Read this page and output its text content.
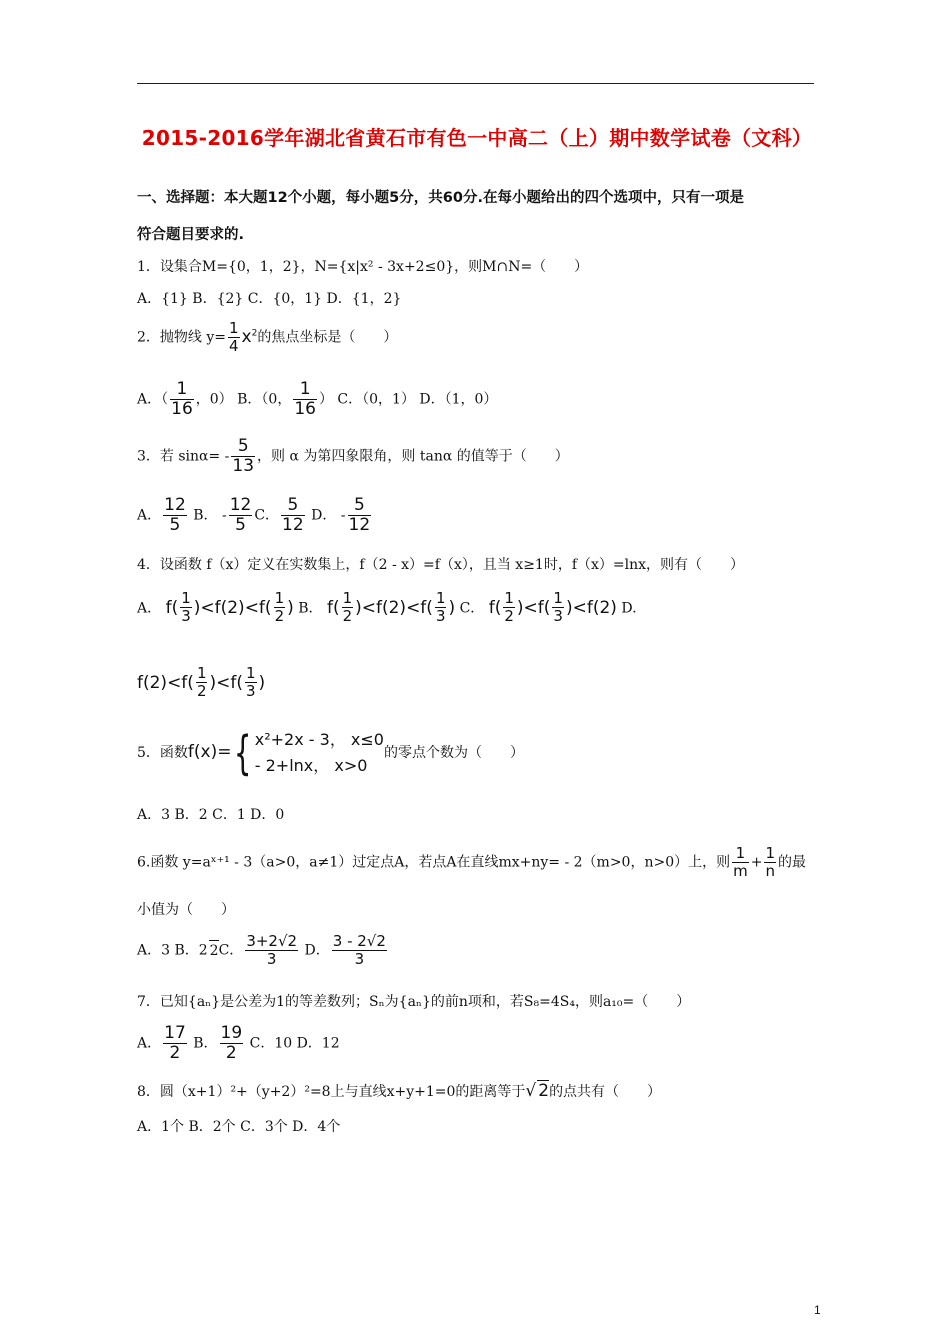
2015-2016学年湖北省黄石市有色一中高二（上）期中数学试卷（文科）
一、选择题：本大题12个小题，每小题5分，共60分.在每小题给出的四个选项中，只有一项是
符合题目要求的.
1．设集合M={0，1，2}，N={x|x² - 3x+2≤0}，则M∩N=（　　）
A．{1} B．{2} C．{0，1} D．{1，2}
2．抛物线 $y= \frac{1}{4} x^2$的焦点坐标是（　　）
A．（ $\frac{1}{16}$ ，0） B．（0， $\frac{1}{16}$ ） C．（0，1） D．（1，0）
3．若 $\sin\alpha= - \frac{5}{13}$ ，则 α 为第四象限角，则 tanα 的值等于（　　）
A． $\frac{12}{5}$ B． - $\frac{12}{5}$ C． $\frac{5}{12}$ D． - $\frac{5}{12}$
4．设函数 f（x）定义在实数集上，f（2 - x）=f（x），且当 x≥1时，f（x）=lnx，则有（　　）
A． $f( \frac{1}{3} )<f(2)<f( \frac{1}{2}$ ) B． $f( \frac{1}{2} )<f(2)<f( \frac{1}{3}$ ) C． $f( \frac{1}{2} )<f( \frac{1}{3} )<f(2)$ D.
$f(2)<f( \frac{1}{2} )<f( \frac{1}{3}$ )
5．函数f(x)={ x²+2x - 3， x≤0
- 2+lnx， x>0
的零点个数为（　　）
A．3 B．2 C．1 D．0
6.函数 y=aˣ⁺¹ - 3（a>0，a≠1）过定点A，若点A在直线mx+ny= - 2（m>0，n>0）上，则 $\frac{1}{m} + \frac{1}{n}$ 的最
小值为（　　）
A．3 B．2 2C． $\frac{3+2√2}{3}$ D． $\frac{3 - 2√2}{3}$
7．已知{aₙ}是公差为1的等差数列；Sₙ为{aₙ}的前n项和，若S₈=4S₄，则a₁₀=（　　）
A． $\frac{17}{2}$ B． $\frac{19}{2}$ C．10 D．12
8．圆（x+1）²+（y+2）²=8上与直线x+y+1=0的距离等于√ 2的点共有（　　）
A．1个 B．2个 C．3个 D．4个
1
